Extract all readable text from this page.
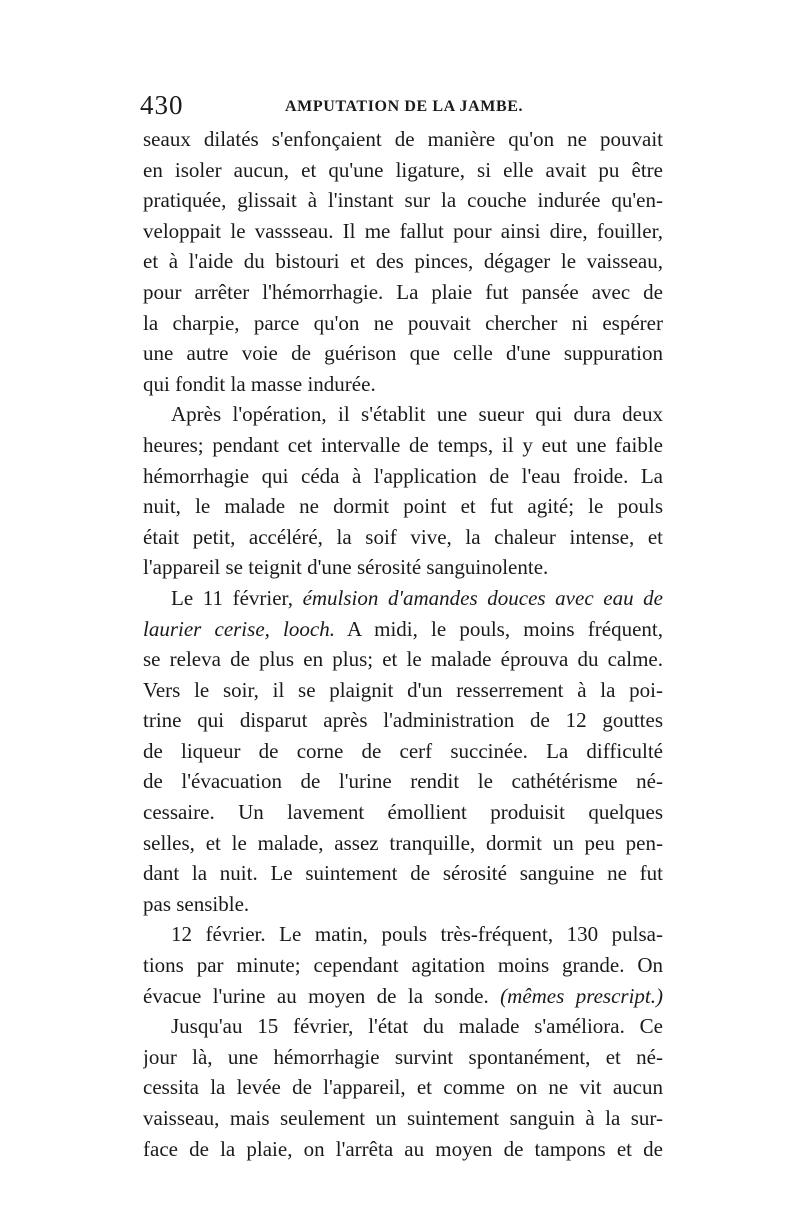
430	AMPUTATION DE LA JAMBE.
seaux dilatés s'enfonçaient de manière qu'on ne pouvait
en isoler aucun, et qu'une ligature, si elle avait pu être
pratiquée, glissait à l'instant sur la couche indurée qu'en-
veloppait le vassseau. Il me fallut pour ainsi dire, fouiller,
et à l'aide du bistouri et des pinces, dégager le vaisseau,
pour arrêter l'hémorrhagie. La plaie fut pansée avec de
la charpie, parce qu'on ne pouvait chercher ni espérer
une autre voie de guérison que celle d'une suppuration
qui fondit la masse indurée.
Après l'opération, il s'établit une sueur qui dura deux
heures; pendant cet intervalle de temps, il y eut une faible
hémorrhagie qui céda à l'application de l'eau froide. La
nuit, le malade ne dormit point et fut agité; le pouls
était petit, accéléré, la soif vive, la chaleur intense, et
l'appareil se teignit d'une sérosité sanguinolente.
Le 11 février, émulsion d'amandes douces avec eau de
laurier cerise, looch. A midi, le pouls, moins fréquent,
se releva de plus en plus; et le malade éprouva du calme.
Vers le soir, il se plaignit d'un resserrement à la poi-
trine qui disparut après l'administration de 12 gouttes
de liqueur de corne de cerf succinée. La difficulté
de l'évacuation de l'urine rendit le cathétérisme né-
cessaire. Un lavement émollient produisit quelques
selles, et le malade, assez tranquille, dormit un peu pen-
dant la nuit. Le suintement de sérosité sanguine ne fut
pas sensible.
12 février. Le matin, pouls très-fréquent, 130 pulsa-
tions par minute; cependant agitation moins grande. On
évacue l'urine au moyen de la sonde. (mêmes prescript.)
Jusqu'au 15 février, l'état du malade s'améliora. Ce
jour là, une hémorrhagie survint spontanément, et né-
cessita la levée de l'appareil, et comme on ne vit aucun
vaisseau, mais seulement un suintement sanguin à la sur-
face de la plaie, on l'arrêta au moyen de tampons et de
